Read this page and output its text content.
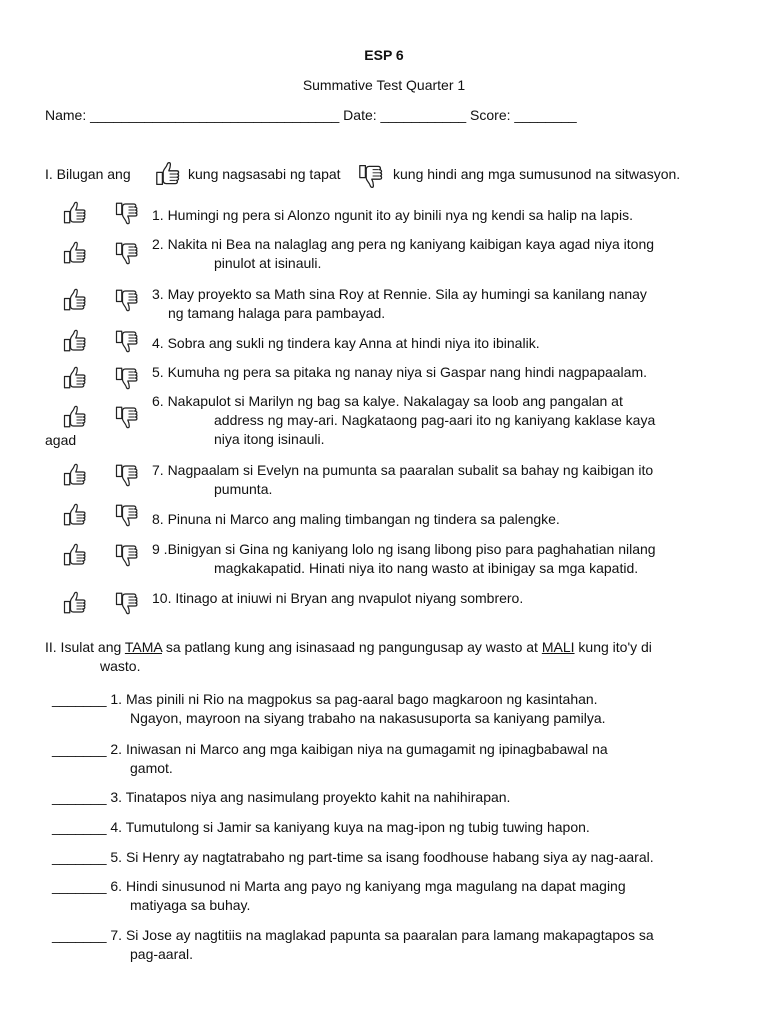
ESP 6
Summative Test Quarter 1
Name: ________________________________ Date: ___________ Score: ________
I. Bilugan ang	kung nagsasabi ng tapat	kung hindi ang mga sumusunod na sitwasyon.
1. Humingi ng pera si Alonzo ngunit ito ay binili nya ng kendi sa halip na lapis.
2. Nakita ni Bea na nalaglag ang pera ng kaniyang kaibigan kaya agad niya itong
pinulot at isinauli.
3. May proyekto sa Math sina Roy at Rennie. Sila ay humingi sa kanilang nanay
ng tamang halaga para pambayad.
4. Sobra ang sukli ng tindera kay Anna at hindi niya ito ibinalik.
5. Kumuha ng pera sa pitaka ng nanay niya si Gaspar nang hindi nagpapaalam.
6. Nakapulot si Marilyn ng bag sa kalye. Nakalagay sa loob ang pangalan at
address ng may-ari. Nagkataong pag-aari ito ng kaniyang kaklase kaya
niya itong isinauli.
agad
7. Nagpaalam si Evelyn na pumunta sa paaralan subalit sa bahay ng kaibigan ito
pumunta.
8. Pinuna ni Marco ang maling timbangan ng tindera sa palengke.
9 .Binigyan si Gina ng kaniyang lolo ng isang libong piso para paghahatian nilang
magkakapatid. Hinati niya ito nang wasto at ibinigay sa mga kapatid.
10. Itinago at iniuwi ni Bryan ang nvapulot niyang sombrero.
II. Isulat ang TAMA sa patlang kung ang isinasaad ng pangungusap ay wasto at MALI kung ito'y di
wasto.
_______ 1. Mas pinili ni Rio na magpokus sa pag-aaral bago magkaroon ng kasintahan.
Ngayon, mayroon na siyang trabaho na nakasusuporta sa kaniyang pamilya.
_______ 2. Iniwasan ni Marco ang mga kaibigan niya na gumagamit ng ipinagbabawal na
gamot.
_______ 3. Tinatapos niya ang nasimulang proyekto kahit na nahihirapan.
_______ 4. Tumutulong si Jamir sa kaniyang kuya na mag-ipon ng tubig tuwing hapon.
_______ 5. Si Henry ay nagtatrabaho ng part-time sa isang foodhouse habang siya ay nag-aaral.
_______ 6. Hindi sinusunod ni Marta ang payo ng kaniyang mga magulang na dapat maging
matiyaga sa buhay.
_______ 7. Si Jose ay nagtitiis na maglakad papunta sa paaralan para lamang makapagtapos sa
pag-aaral.
